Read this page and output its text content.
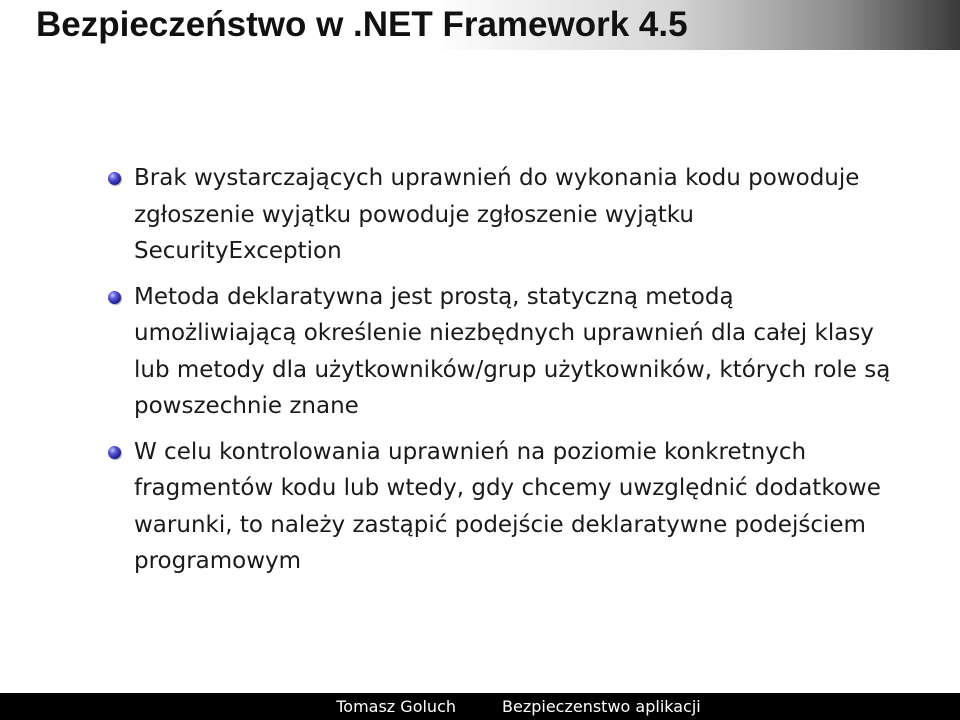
Bezpieczeństwo w .NET Framework 4.5
Brak wystarczających uprawnień do wykonania kodu powoduje zgłoszenie wyjątku powoduje zgłoszenie wyjątku SecurityException
Metoda deklaratywna jest prostą, statyczną metodą umożliwiającą określenie niezbędnych uprawnień dla całej klasy lub metody dla użytkowników/grup użytkowników, których role są powszechnie znane
W celu kontrolowania uprawnień na poziomie konkretnych fragmentów kodu lub wtedy, gdy chcemy uwzględnić dodatkowe warunki, to należy zastąpić podejście deklaratywne podejściem programowym
Tomasz Goluch	Bezpieczenstwo aplikacji
